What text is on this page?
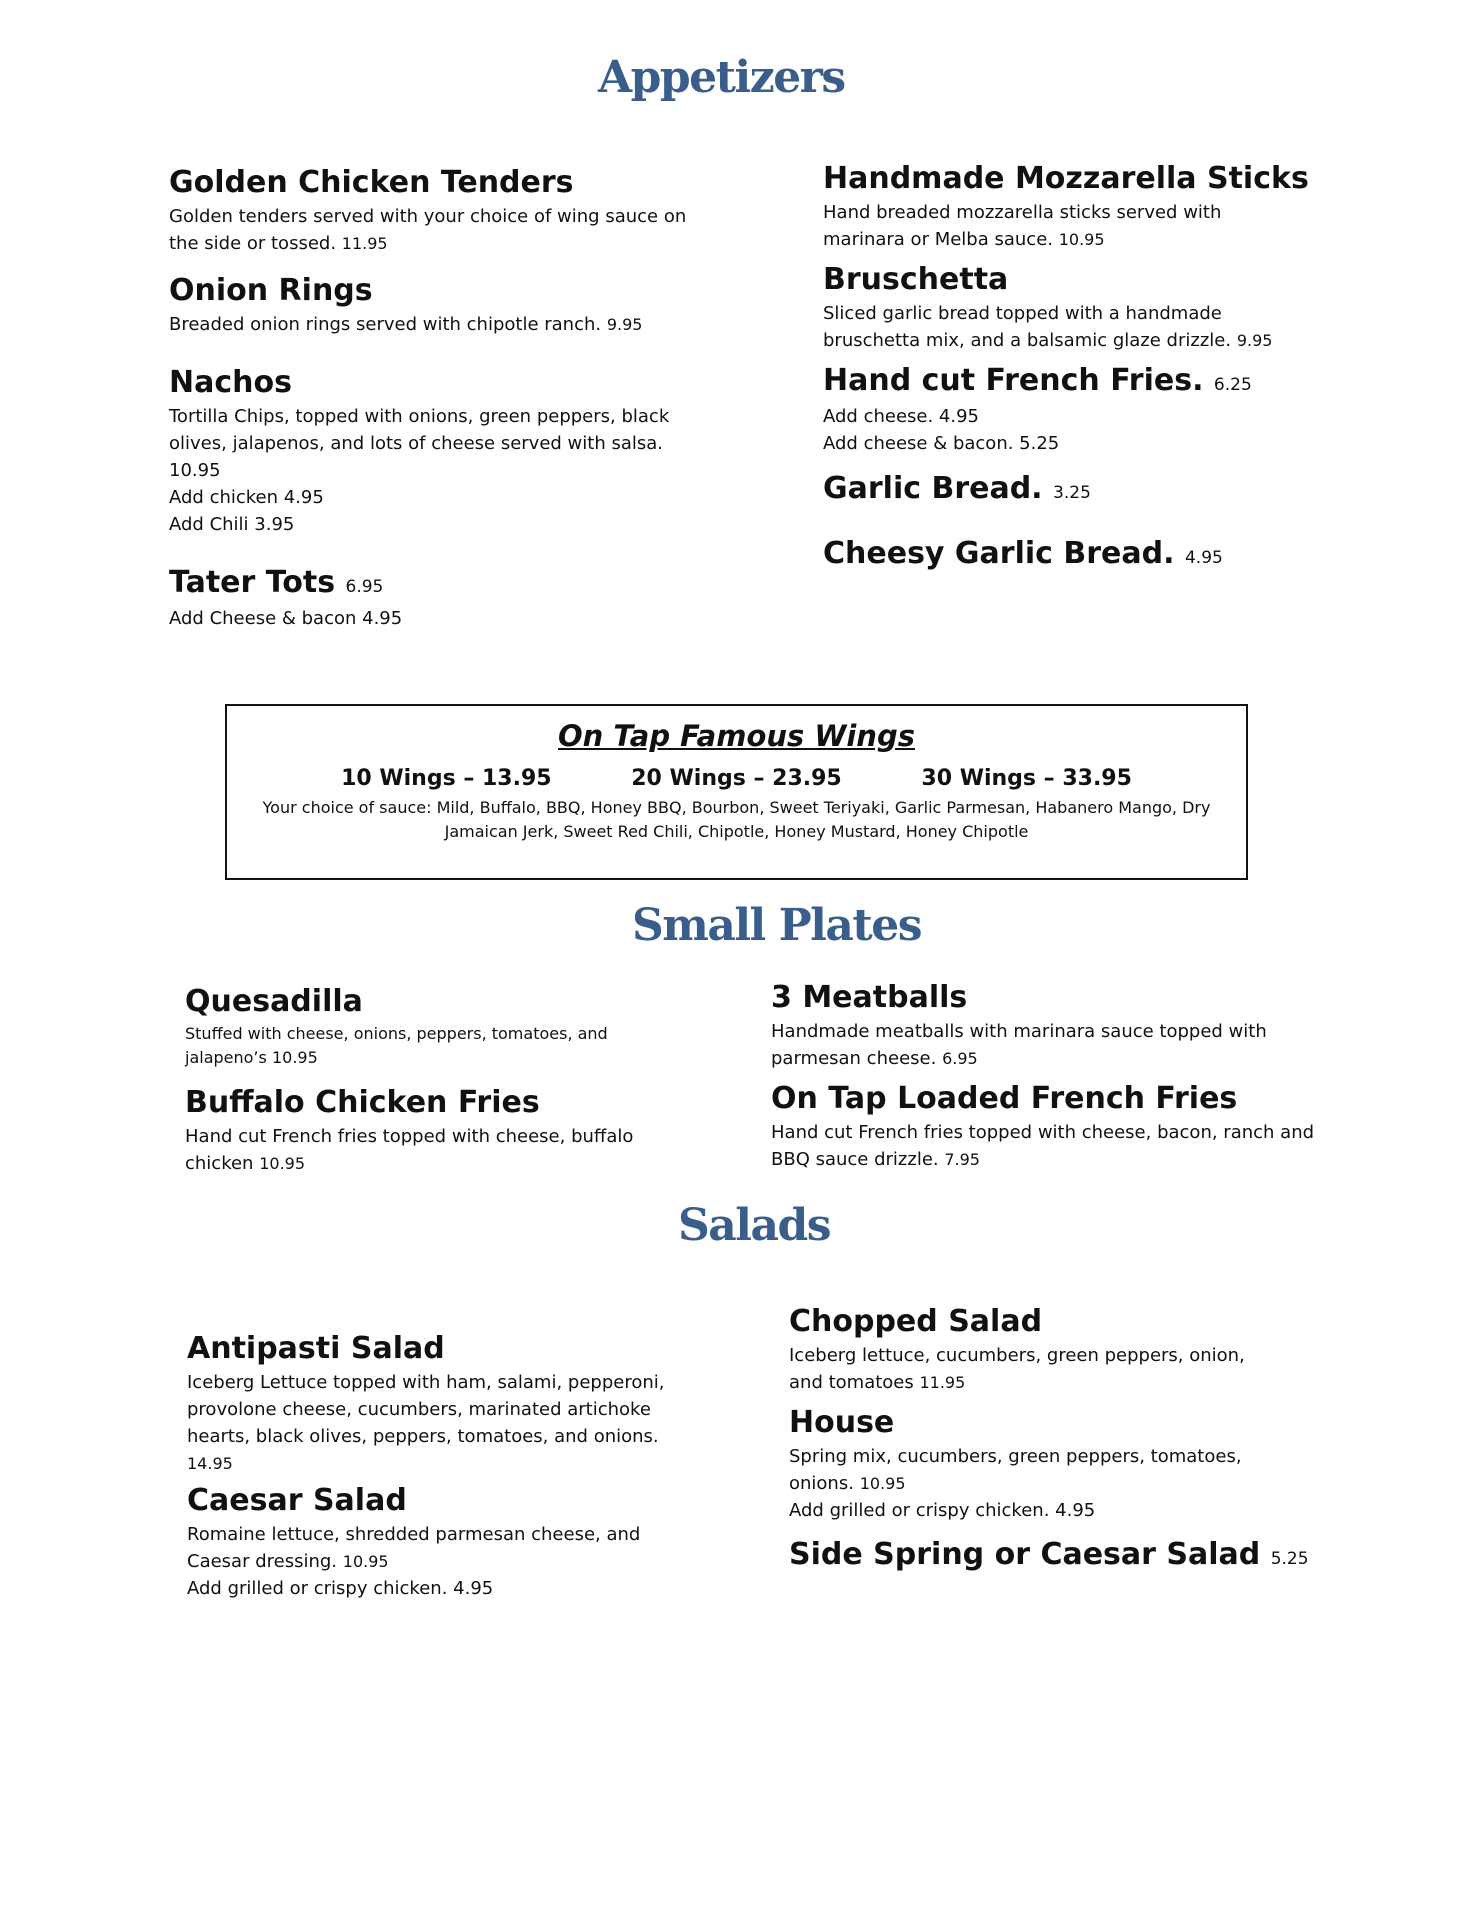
Appetizers
Golden Chicken Tenders
Golden tenders served with your choice of wing sauce on the side or tossed. 11.95
Onion Rings
Breaded onion rings served with chipotle ranch. 9.95
Nachos
Tortilla Chips, topped with onions, green peppers, black olives, jalapenos, and lots of cheese served with salsa.
10.95
Add chicken 4.95
Add Chili 3.95
Tater Tots 6.95
Add Cheese & bacon 4.95
Handmade Mozzarella Sticks
Hand breaded mozzarella sticks served with marinara or Melba sauce. 10.95
Bruschetta
Sliced garlic bread topped with a handmade bruschetta mix, and a balsamic glaze drizzle. 9.95
Hand cut French Fries. 6.25
Add cheese. 4.95
Add cheese & bacon. 5.25
Garlic Bread. 3.25
Cheesy Garlic Bread. 4.95
On Tap Famous Wings
10 Wings – 13.95	20 Wings – 23.95	30 Wings – 33.95
Your choice of sauce: Mild, Buffalo, BBQ, Honey BBQ, Bourbon, Sweet Teriyaki, Garlic Parmesan, Habanero Mango, Dry Jamaican Jerk, Sweet Red Chili, Chipotle, Honey Mustard, Honey Chipotle
Small Plates
Quesadilla
Stuffed with cheese, onions, peppers, tomatoes, and jalapeno’s 10.95
Buffalo Chicken Fries
Hand cut French fries topped with cheese, buffalo chicken 10.95
3 Meatballs
Handmade meatballs with marinara sauce topped with parmesan cheese. 6.95
On Tap Loaded French Fries
Hand cut French fries topped with cheese, bacon, ranch and BBQ sauce drizzle. 7.95
Salads
Antipasti Salad
Iceberg Lettuce topped with ham, salami, pepperoni, provolone cheese, cucumbers, marinated artichoke hearts, black olives, peppers, tomatoes, and onions.
14.95
Caesar Salad
Romaine lettuce, shredded parmesan cheese, and Caesar dressing. 10.95
Add grilled or crispy chicken. 4.95
Chopped Salad
Iceberg lettuce, cucumbers, green peppers, onion, and tomatoes 11.95
House
Spring mix, cucumbers, green peppers, tomatoes, onions. 10.95
Add grilled or crispy chicken. 4.95
Side Spring or Caesar Salad 5.25
